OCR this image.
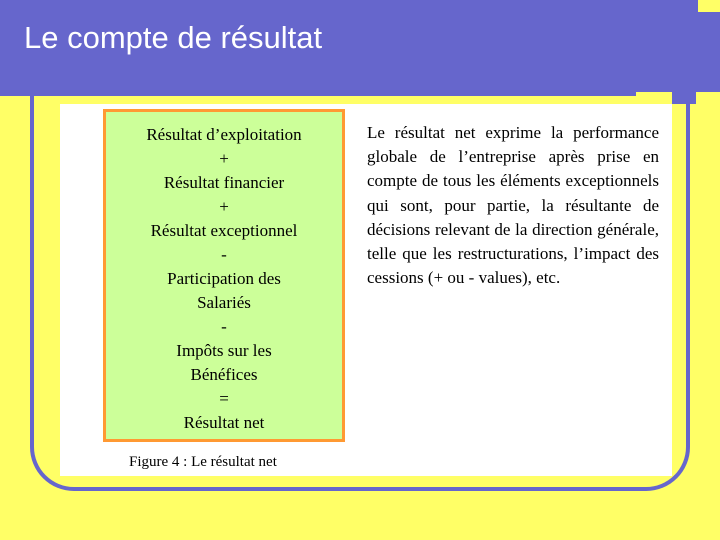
Le compte de résultat
Résultat d’exploitation
+
Résultat financier
+
Résultat exceptionnel
-
Participation des
Salariés
-
Impôts sur les
Bénéfices
=
Résultat net
Figure 4 : Le résultat net
Le résultat net exprime la performance globale de l’entreprise après prise en compte de tous les éléments exceptionnels qui sont, pour partie, la résultante de décisions relevant de la direction générale, telle que les restructurations, l’impact des cessions (+ ou - values), etc.
